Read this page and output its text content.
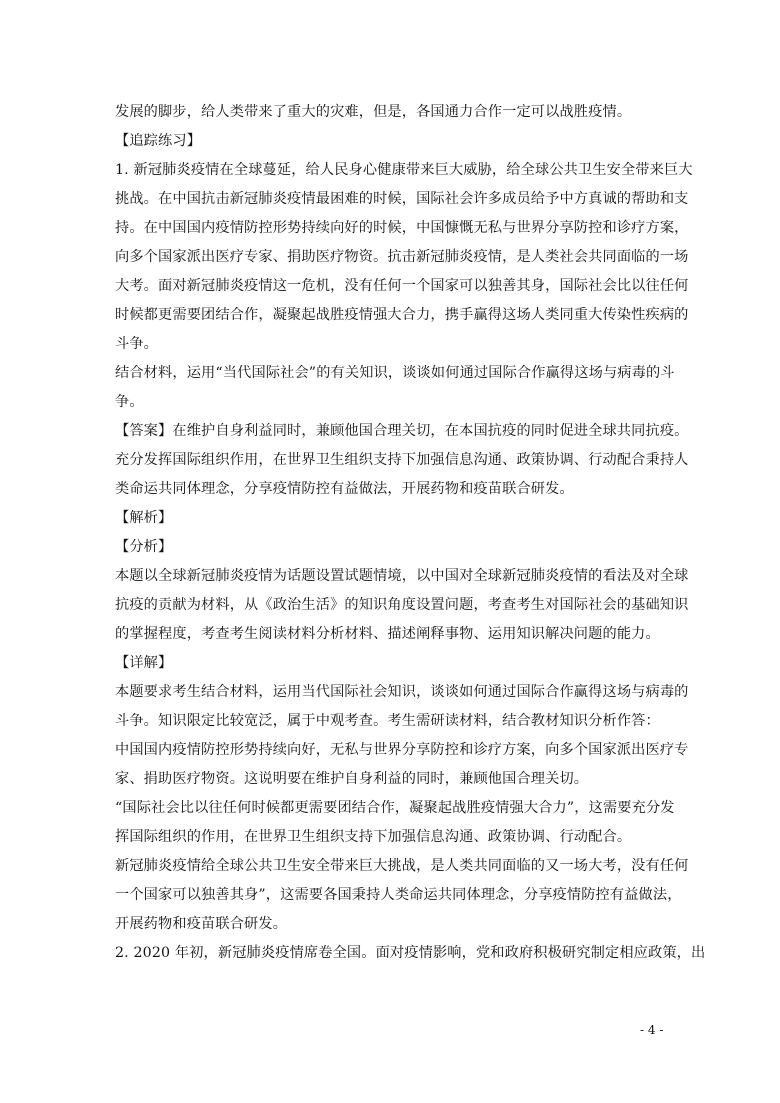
发展的脚步，给人类带来了重大的灾难，但是，各国通力合作一定可以战胜疫情。
【追踪练习】
1. 新冠肺炎疫情在全球蔓延，给人民身心健康带来巨大威胁，给全球公共卫生安全带来巨大
挑战。在中国抗击新冠肺炎疫情最困难的时候，国际社会许多成员给予中方真诚的帮助和支
持。在中国国内疫情防控形势持续向好的时候，中国慷慨无私与世界分享防控和诊疗方案，
向多个国家派出医疗专家、捐助医疗物资。抗击新冠肺炎疫情，是人类社会共同面临的一场
大考。面对新冠肺炎疫情这一危机，没有任何一个国家可以独善其身，国际社会比以往任何
时候都更需要团结合作，凝聚起战胜疫情强大合力，携手赢得这场人类同重大传染性疾病的
斗争。
结合材料，运用“当代国际社会”的有关知识，谈谈如何通过国际合作赢得这场与病毒的斗
争。
【答案】在维护自身利益同时，兼顾他国合理关切，在本国抗疫的同时促进全球共同抗疫。
充分发挥国际组织作用，在世界卫生组织支持下加强信息沟通、政策协调、行动配合秉持人
类命运共同体理念，分享疫情防控有益做法，开展药物和疫苗联合研发。
【解析】
【分析】
本题以全球新冠肺炎疫情为话题设置试题情境，以中国对全球新冠肺炎疫情的看法及对全球
抗疫的贡献为材料，从《政治生活》的知识角度设置问题，考查考生对国际社会的基础知识
的掌握程度，考查考生阅读材料分析材料、描述阐释事物、运用知识解决问题的能力。
【详解】
本题要求考生结合材料，运用当代国际社会知识，谈谈如何通过国际合作赢得这场与病毒的
斗争。知识限定比较宽泛，属于中观考查。考生需研读材料，结合教材知识分析作答：
中国国内疫情防控形势持续向好，无私与世界分享防控和诊疗方案，向多个国家派出医疗专
家、捐助医疗物资。这说明要在维护自身利益的同时，兼顾他国合理关切。
“国际社会比以往任何时候都更需要团结合作，凝聚起战胜疫情强大合力”，这需要充分发
挥国际组织的作用，在世界卫生组织支持下加强信息沟通、政策协调、行动配合。
新冠肺炎疫情给全球公共卫生安全带来巨大挑战，是人类共同面临的又一场大考，没有任何
一个国家可以独善其身”，这需要各国秉持人类命运共同体理念，分享疫情防控有益做法，
开展药物和疫苗联合研发。
2. 2020 年初，新冠肺炎疫情席卷全国。面对疫情影响，党和政府积极研究制定相应政策，出
- 4 -
